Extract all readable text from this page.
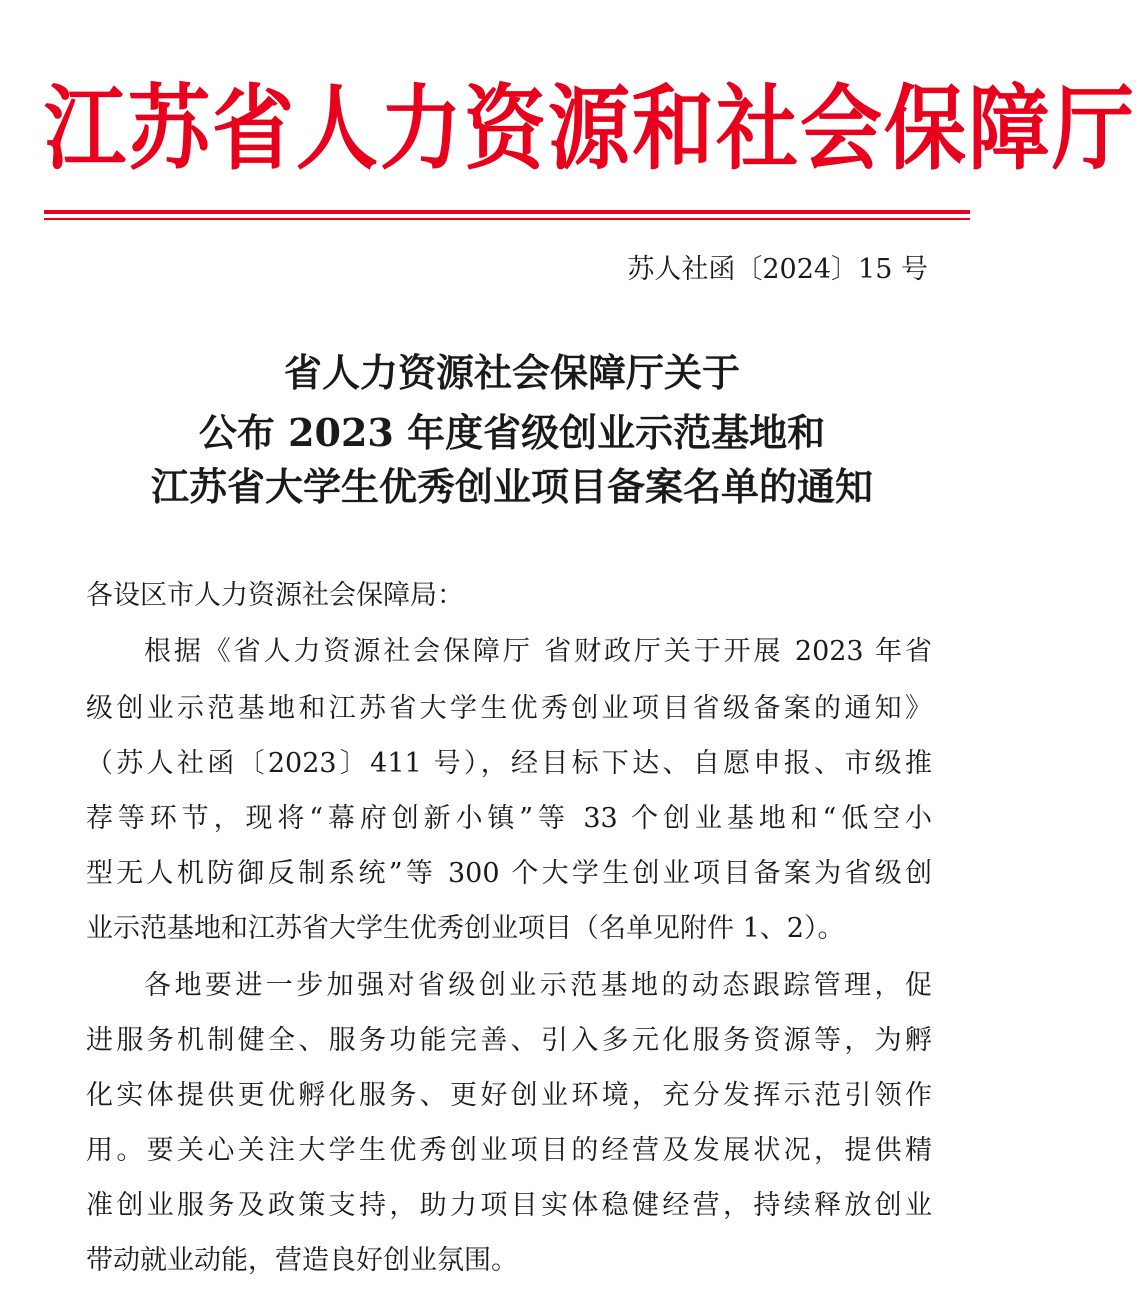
江苏省人力资源和社会保障厅
苏人社函〔2024〕15 号
省人力资源社会保障厅关于
公布 2023 年度省级创业示范基地和
江苏省大学生优秀创业项目备案名单的通知
各设区市人力资源社会保障局：
根据《省人力资源社会保障厅 省财政厅关于开展 2023 年省
级创业示范基地和江苏省大学生优秀创业项目省级备案的通知》
（苏人社函〔2023〕411 号），经目标下达、自愿申报、市级推
荐等环节，现将“幕府创新小镇”等 33 个创业基地和“低空小
型无人机防御反制系统”等 300 个大学生创业项目备案为省级创
业示范基地和江苏省大学生优秀创业项目（名单见附件 1、2）。
各地要进一步加强对省级创业示范基地的动态跟踪管理，促
进服务机制健全、服务功能完善、引入多元化服务资源等，为孵
化实体提供更优孵化服务、更好创业环境，充分发挥示范引领作
用。要关心关注大学生优秀创业项目的经营及发展状况，提供精
准创业服务及政策支持，助力项目实体稳健经营，持续释放创业
带动就业动能，营造良好创业氛围。
